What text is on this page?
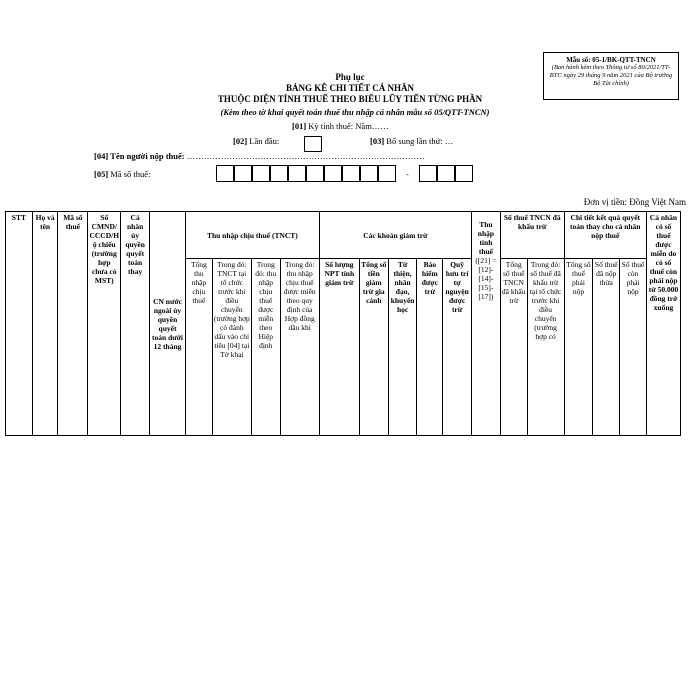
Mẫu số: 05-1/BK-QTT-TNCN
(Ban hành kèm theo Thông tư số 80/2021/TT-BTC ngày 29 tháng 9 năm 2021 của Bộ trưởng Bộ Tài chính)
Phụ lục
BẢNG KÊ CHI TIẾT CÁ NHÂN
THUỘC DIỆN TÍNH THUẾ THEO BIỂU LŨY TIẾN TỪNG PHẦN
(Kèm theo tờ khai quyết toán thuế thu nhập cá nhân mẫu số 05/QTT-TNCN)
[01] Kỳ tính thuế: Năm……
[02] Lần đầu:	[03] Bổ sung lần thứ: …
[04] Tên người nộp thuế: …………………………………………………………………………
[05] Mã số thuế:	-
Đơn vị tiền: Đồng Việt Nam
STT	Họ và tên	Mã số thuế	Số CMND/CCCD/Hộ chiếu (trường hợp chưa có MST)	Cá nhân ủy quyền quyết toán thay	CN nước ngoài ủy quyền quyết toán dưới 12 tháng	Thu nhập chịu thuế (TNCT)				Các khoản giảm trừ					Thu nhập tính thuế ([21] = [12]-[14]-[15]-[17])	Số thuế TNCN đã khấu trừ		Chi tiết kết quả quyết toán thay cho cá nhân nộp thuế			Cá nhân có số thuế được miễn do có số thuế còn phải nộp từ 50.000 đồng trở xuống
						Tổng thu nhập chịu thuế	Trong đó: TNCT tại tổ chức trước khi điều chuyển (trường hợp có đánh dấu vào chỉ tiêu [04] tại Tờ khai	Trong đó: thu nhập chịu thuế được miễn theo Hiệp định	Trong đó: thu nhập chịu thuế được miễn theo quy định của Hợp đồng dầu khí	Số lượng NPT tính giảm trừ	Tổng số tiền giảm trừ gia cảnh	Từ thiện, nhân đạo, khuyến học	Bảo hiểm được trừ	Quỹ hưu trí tự nguyện được trừ		Tổng số thuế TNCN đã khấu trừ	Trong đó: số thuế đã khấu trừ tại tổ chức trước khi điều chuyển (trường hợp có	Tổng số thuế phải nộp	Số thuế đã nộp thừa	Số thuế còn phải nộp	
